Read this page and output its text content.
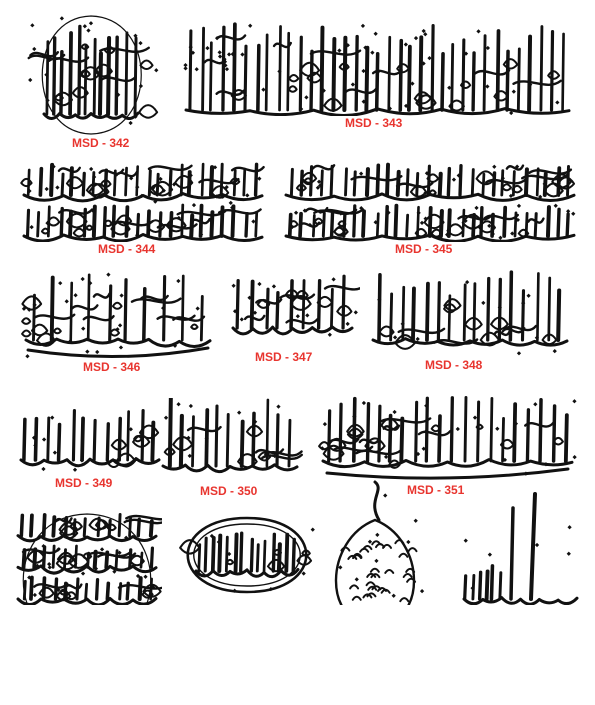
MSD - 342
MSD - 343
MSD - 344	MSD - 345
MSD - 346
MSD - 347
MSD - 348
MSD - 349
MSD - 350	MSD - 351
